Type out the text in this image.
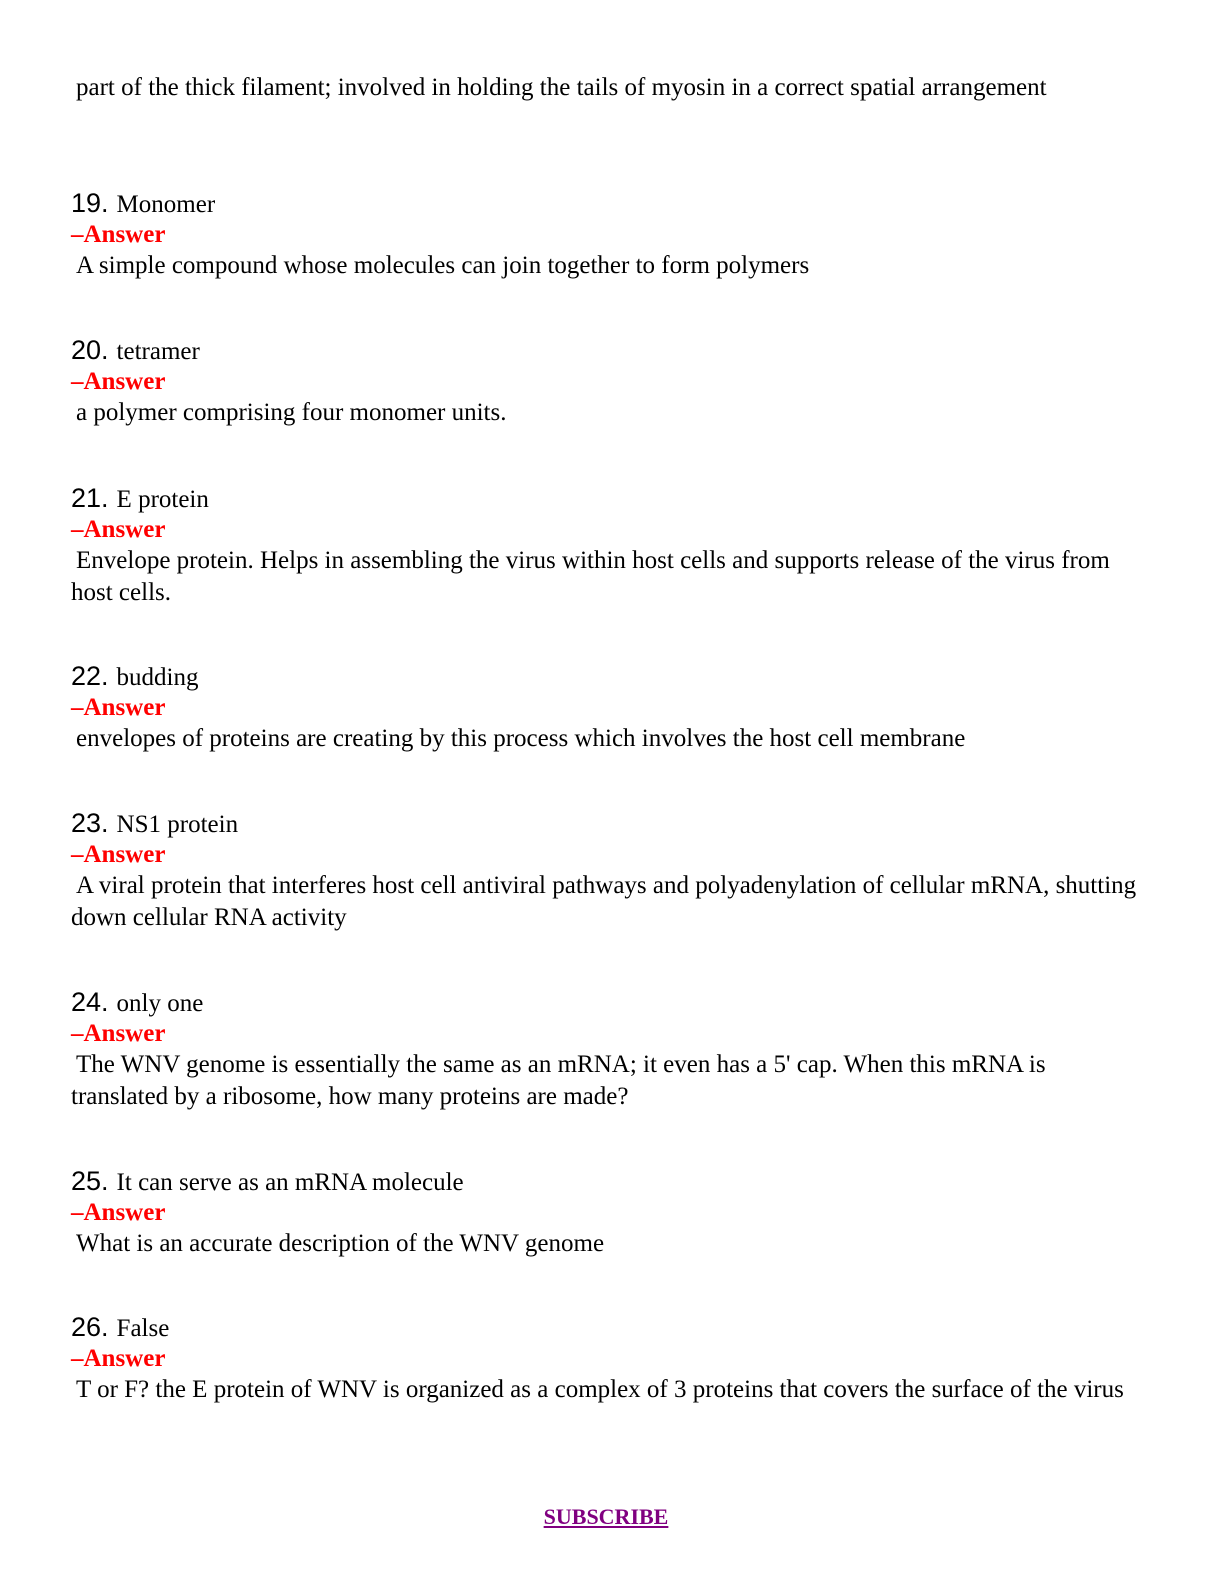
part of the thick filament; involved in holding the tails of myosin in a correct spatial arrangement
19. Monomer
–Answer
A simple compound whose molecules can join together to form polymers
20. tetramer
–Answer
a polymer comprising four monomer units.
21. E protein
–Answer
Envelope protein. Helps in assembling the virus within host cells and supports release of the virus from host cells.
22. budding
–Answer
envelopes of proteins are creating by this process which involves the host cell membrane
23. NS1 protein
–Answer
A viral protein that interferes host cell antiviral pathways and polyadenylation of cellular mRNA, shutting down cellular RNA activity
24. only one
–Answer
The WNV genome is essentially the same as an mRNA; it even has a 5' cap. When this mRNA is translated by a ribosome, how many proteins are made?
25. It can serve as an mRNA molecule
–Answer
What is an accurate description of the WNV genome
26. False
–Answer
T or F? the E protein of WNV is organized as a complex of 3 proteins that covers the surface of the virus
SUBSCRIBE
